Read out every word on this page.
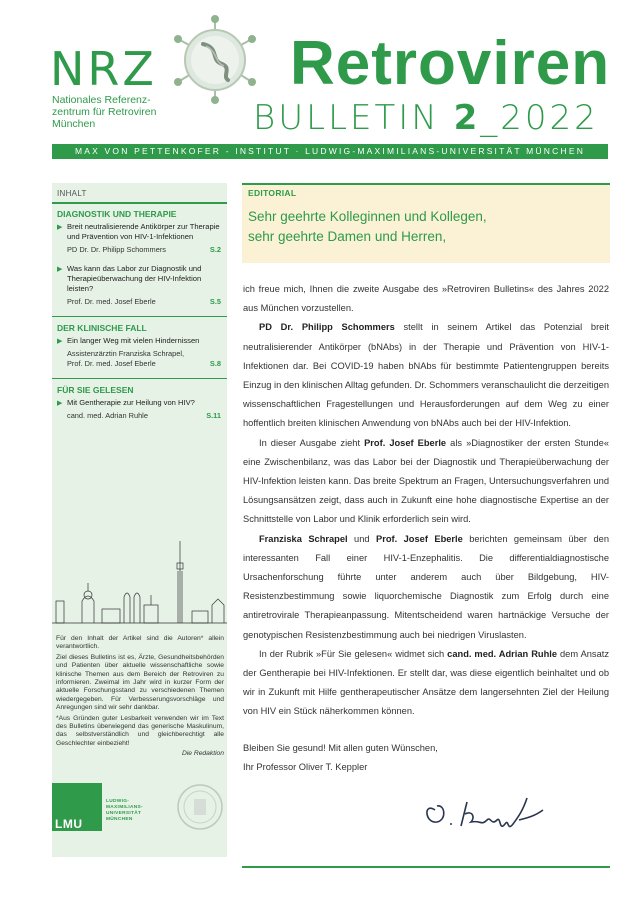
NRZ
Nationales Referenz-
zentrum für Retroviren
München
Retroviren
BULLETIN 2_2022
MAX VON PETTENKOFER - INSTITUT · LUDWIG-MAXIMILIANS-UNIVERSITÄT MÜNCHEN
INHALT
DIAGNOSTIK UND THERAPIE
▶ Breit neutralisierende Antikörper zur Therapie und Prävention von HIV-1-Infektionen
PD Dr. Dr. Philipp Schommers	S.2
▶ Was kann das Labor zur Diagnostik und Therapieüberwachung der HIV-Infektion leisten?
Prof. Dr. med. Josef Eberle	S.5
DER KLINISCHE FALL
▶ Ein langer Weg mit vielen Hindernissen
Assistenzärztin Franziska Schrapel,
Prof. Dr. med. Josef Eberle	S.8
FÜR SIE GELESEN
▶ Mit Gentherapie zur Heilung von HIV?
cand. med. Adrian Ruhle	S.11

Für den Inhalt der Artikel sind die Autoren* allein verantwortlich.

Ziel dieses Bulletins ist es, Ärzte, Gesundheitsbehörden und Patienten über aktuelle wissenschaftliche sowie klinische Themen aus dem Bereich der Retroviren zu informieren. Zweimal im Jahr wird in kurzer Form der aktuelle Forschungsstand zu verschiedenen Themen wiedergegeben. Für Verbesserungsvorschläge und Anregungen sind wir sehr dankbar.

*Aus Gründen guter Lesbarkeit verwenden wir im Text des Bulletins überwiegend das generische Maskulinum, das selbstverständlich und gleichberechtigt alle Geschlechter einbezieht!

Die Redaktion

LMU
LUDWIG-
MAXIMILIANS-
UNIVERSITÄT
MÜNCHEN
EDITORIAL
Sehr geehrte Kolleginnen und Kollegen,
sehr geehrte Damen und Herren,

ich freue mich, Ihnen die zweite Ausgabe des »Retroviren Bulletins« des Jahres 2022 aus München vorzustellen.

PD Dr. Philipp Schommers stellt in seinem Artikel das Potenzial breit neutralisierender Antikörper (bNAbs) in der Therapie und Prävention von HIV-1-Infektionen dar. Bei COVID-19 haben bNAbs für bestimmte Patientengruppen bereits Einzug in den klinischen Alltag gefunden. Dr. Schommers veranschaulicht die derzeitigen wissenschaftlichen Fragestellungen und Herausforderungen auf dem Weg zu einer hoffentlich breiten klinischen Anwendung von bNAbs auch bei der HIV-Infektion.

In dieser Ausgabe zieht Prof. Josef Eberle als »Diagnostiker der ersten Stunde« eine Zwischenbilanz, was das Labor bei der Diagnostik und Therapieüberwachung der HIV-Infektion leisten kann. Das breite Spektrum an Fragen, Untersuchungsverfahren und Lösungsansätzen zeigt, dass auch in Zukunft eine hohe diagnostische Expertise an der Schnittstelle von Labor und Klinik erforderlich sein wird.

Franziska Schrapel und Prof. Josef Eberle berichten gemeinsam über den interessanten Fall einer HIV-1-Enzephalitis. Die differentialdiagnostische Ursachenforschung führte unter anderem auch über Bildgebung, HIV-Resistenzbestimmung sowie liquorchemische Diagnostik zum Erfolg durch eine antiretrovirale Therapieanpassung. Mitentscheidend waren hartnäckige Versuche der genotypischen Resistenzbestimmung auch bei niedrigen Viruslasten.

In der Rubrik »Für Sie gelesen« widmet sich cand. med. Adrian Ruhle dem Ansatz der Gentherapie bei HIV-Infektionen. Er stellt dar, was diese eigentlich beinhaltet und ob wir in Zukunft mit Hilfe gentherapeutischer Ansätze dem langersehnten Ziel der Heilung von HIV ein Stück näherkommen können.

Bleiben Sie gesund! Mit allen guten Wünschen,
Ihr Professor Oliver T. Keppler
